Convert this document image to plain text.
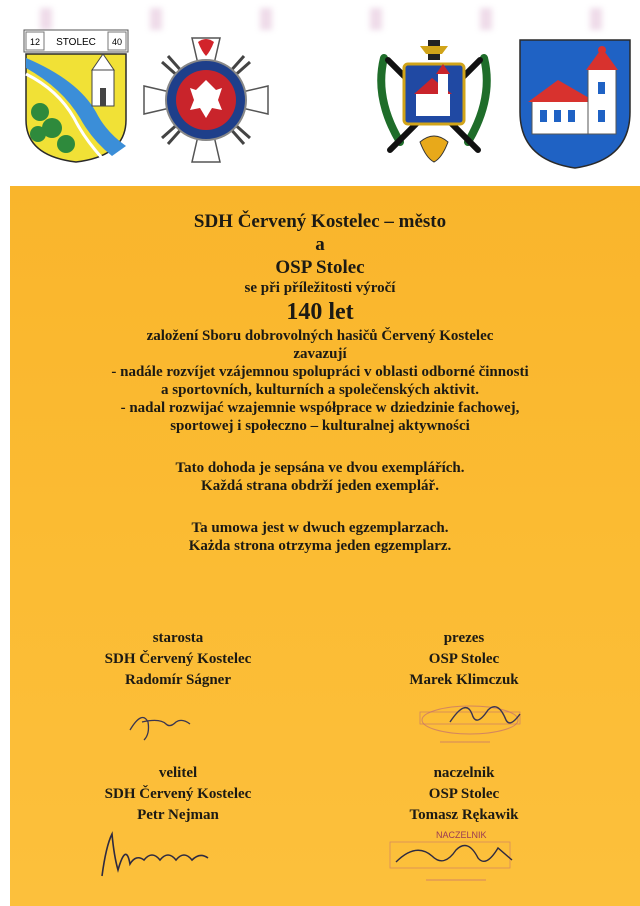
12 STOLEC 40
SDH Červený Kostelec – město
a
OSP Stolec
se při příležitosti výročí
140 let
založení Sboru dobrovolných hasičů Červený Kostelec
zavazují
- nadále rozvíjet vzájemnou spolupráci v oblasti odborné činnosti
a sportovních, kulturních a společenských aktivit.
- nadal rozwijać wzajemnie współprace w dziedzinie fachowej,
sportowej i społeczno – kulturalnej aktywności
Tato dohoda je sepsána ve dvou exemplářích.
Každá strana obdrží jeden exemplář.
Ta umowa jest w dwuch egzemplarzach.
Każda strona otrzyma jeden egzemplarz.
starosta
SDH Červený Kostelec
Radomír Ságner
prezes
OSP Stolec
Marek Klimczuk
velitel
SDH Červený Kostelec
Petr Nejman
naczelnik
OSP Stolec
Tomasz Rękawik
NACZELNIK
